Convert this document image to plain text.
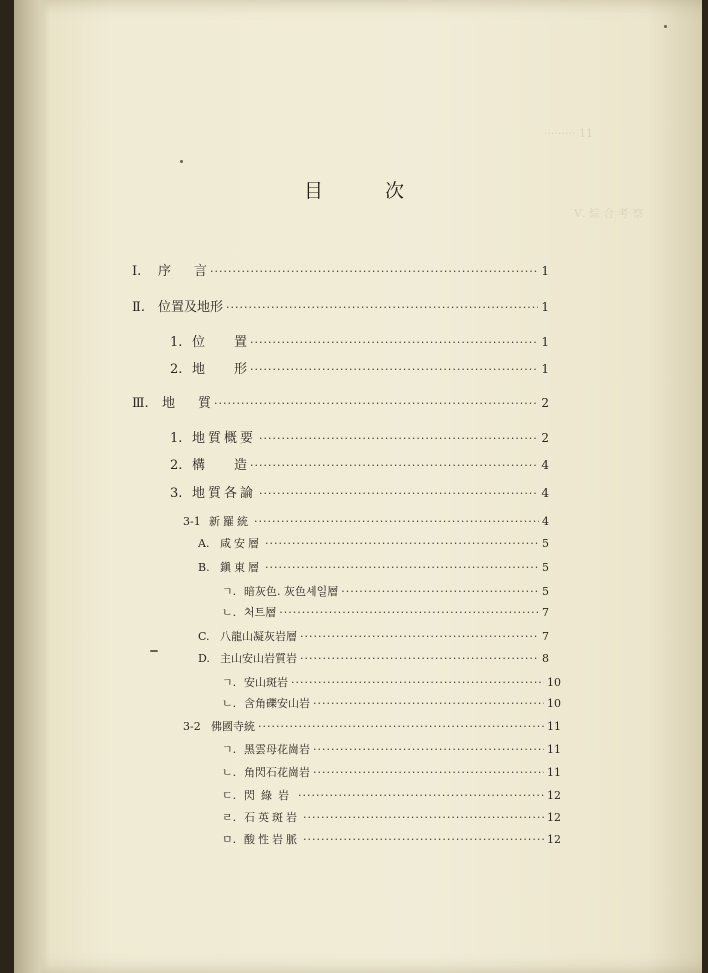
········· 11
Ⅴ. 綜 合 考 察
目	次
Ⅰ.	序	言 ·····	1
Ⅱ.	位置及地形 ·····	1
1. 位	置 ·····	1
2. 地	形 ·····	1
Ⅲ.	地	質 ·····	2
1. 地質概要 ·····	2
2. 構	造 ·····	4
3. 地質各論 ·····	4
3-1 新羅統 ·····	4
A. 咸安層 ·····	5
B. 鎭東層 ·····	5
ㄱ. 暗灰色. 灰色셰일層 ·····	5
ㄴ. 처트層 ·····	7
C. 八龍山凝灰岩層 ·····	7
D. 主山安山岩質岩 ·····	8
ㄱ. 安山斑岩 ·····	10
ㄴ. 含角礫安山岩 ·····	10
3-2 佛國寺統 ·····	11
ㄱ. 黑雲母花崗岩 ·····	11
ㄴ. 角閃石花崗岩 ·····	11
ㄷ. 閃綠岩 ·····	12
ㄹ. 石英斑岩 ·····	12
ㅁ. 酸性岩脈 ·····	12
